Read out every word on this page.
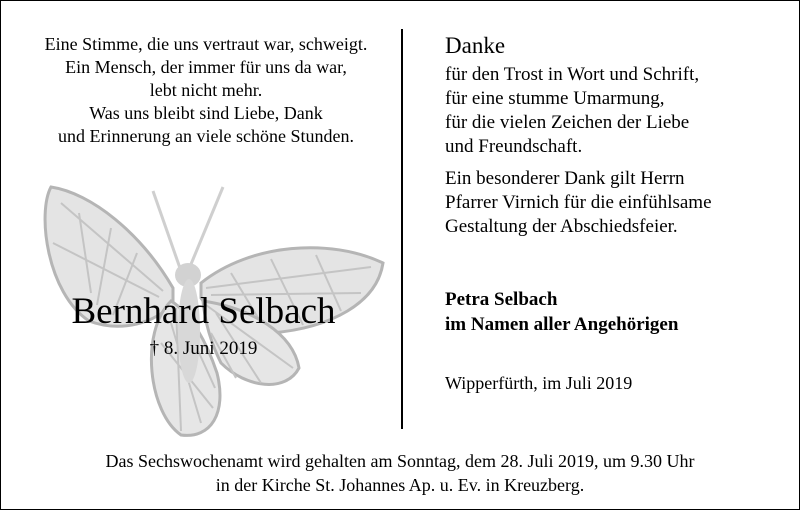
Eine Stimme, die uns vertraut war, schweigt.
Ein Mensch, der immer für uns da war,
lebt nicht mehr.
Was uns bleibt sind Liebe, Dank
und Erinnerung an viele schöne Stunden.
Bernhard Selbach
† 8. Juni 2019
Danke
für den Trost in Wort und Schrift,
für eine stumme Umarmung,
für die vielen Zeichen der Liebe
und Freundschaft.
Ein besonderer Dank gilt Herrn
Pfarrer Virnich für die einfühlsame
Gestaltung der Abschiedsfeier.
Petra Selbach
im Namen aller Angehörigen
Wipperfürth, im Juli 2019
Das Sechswochenamt wird gehalten am Sonntag, dem 28. Juli 2019, um 9.30 Uhr
in der Kirche St. Johannes Ap. u. Ev. in Kreuzberg.
